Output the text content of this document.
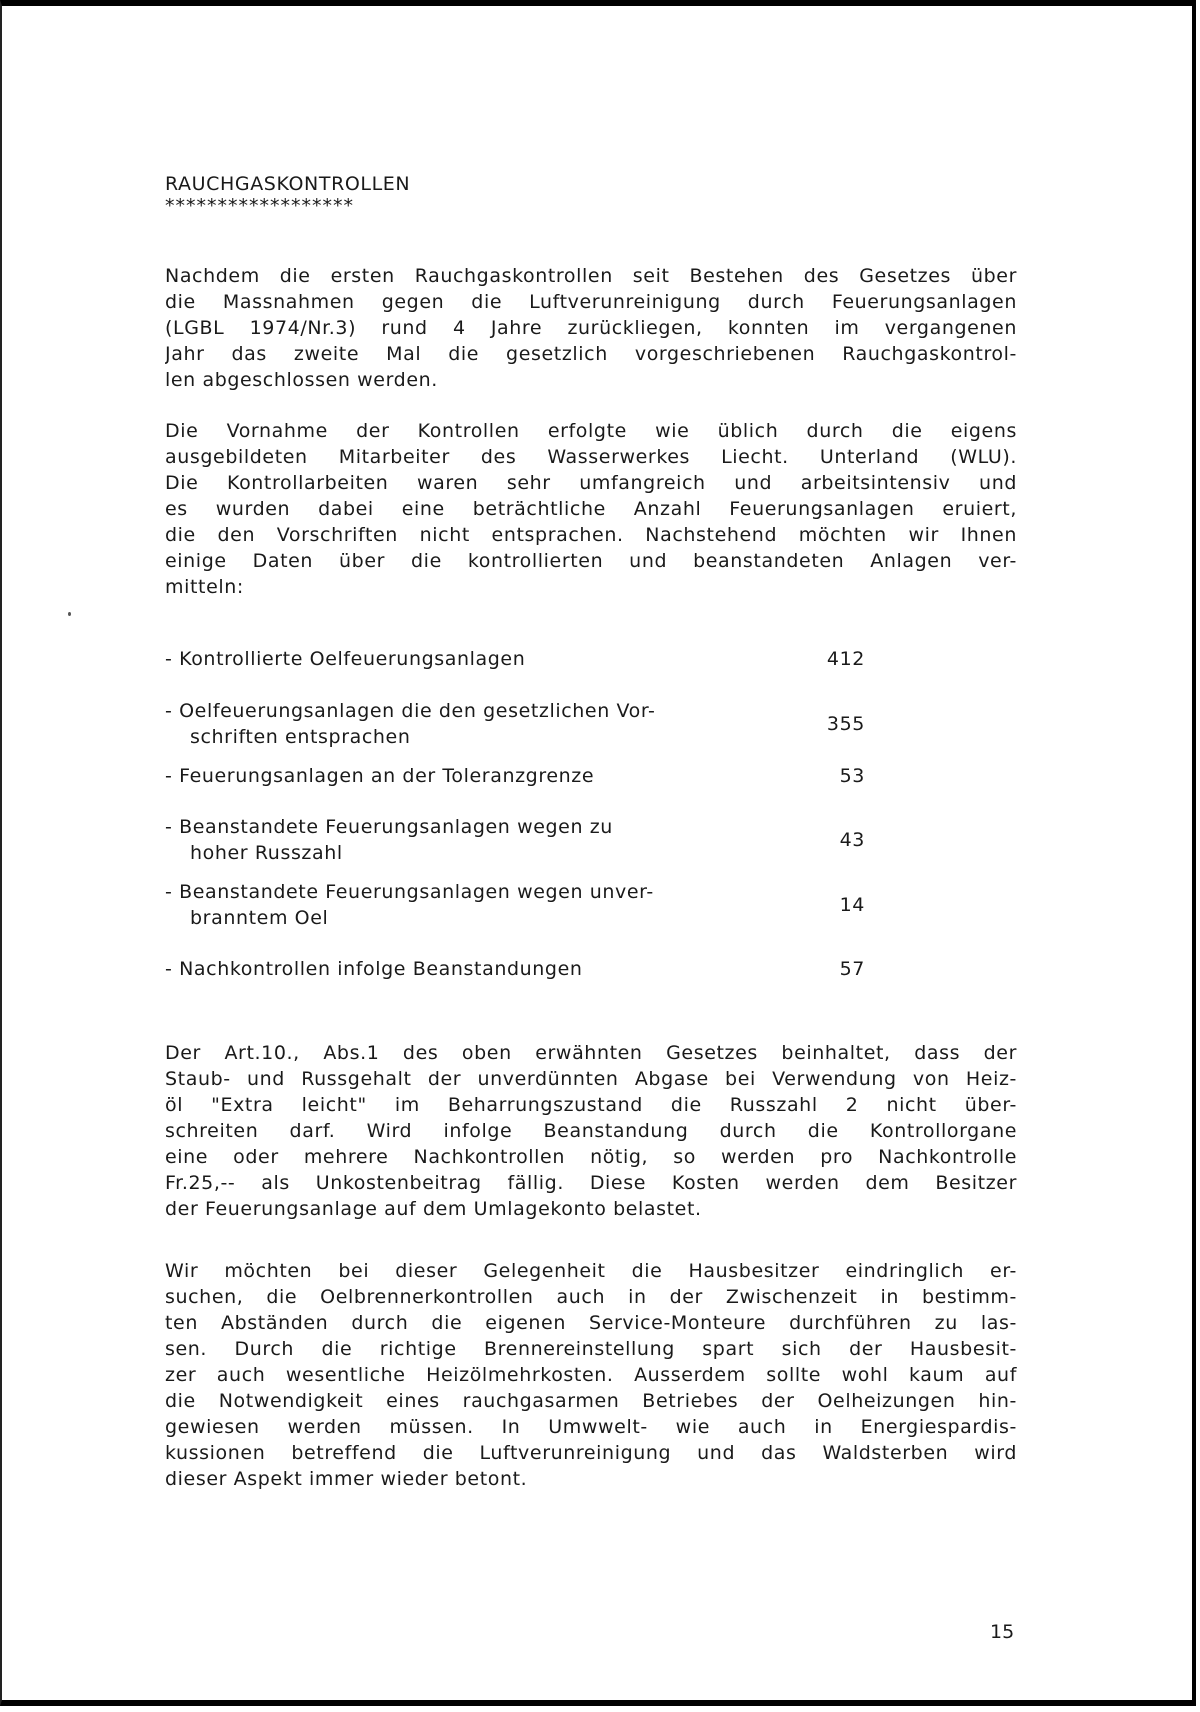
RAUCHGASKONTROLLEN
******************
Nachdem die ersten Rauchgaskontrollen seit Bestehen des Gesetzes über
die Massnahmen gegen die Luftverunreinigung durch Feuerungsanlagen
(LGBL 1974/Nr.3) rund 4 Jahre zurückliegen, konnten im vergangenen
Jahr das zweite Mal die gesetzlich vorgeschriebenen Rauchgaskontrol-
len abgeschlossen werden.
Die Vornahme der Kontrollen erfolgte wie üblich durch die eigens
ausgebildeten Mitarbeiter des Wasserwerkes Liecht. Unterland (WLU).
Die Kontrollarbeiten waren sehr umfangreich und arbeitsintensiv und
es wurden dabei eine beträchtliche Anzahl Feuerungsanlagen eruiert,
die den Vorschriften nicht entsprachen. Nachstehend möchten wir Ihnen
einige Daten über die kontrollierten und beanstandeten Anlagen ver-
mitteln:
- Kontrollierte Oelfeuerungsanlagen	412
- Oelfeuerungsanlagen die den gesetzlichen Vor-
schriften entsprachen
355
- Feuerungsanlagen an der Toleranzgrenze	53
- Beanstandete Feuerungsanlagen wegen zu
hoher Russzahl
43
- Beanstandete Feuerungsanlagen wegen unver-
branntem Oel
14
- Nachkontrollen infolge Beanstandungen	57
Der Art.10., Abs.1 des oben erwähnten Gesetzes beinhaltet, dass der
Staub- und Russgehalt der unverdünnten Abgase bei Verwendung von Heiz-
öl "Extra leicht" im Beharrungszustand die Russzahl 2 nicht über-
schreiten darf. Wird infolge Beanstandung durch die Kontrollorgane
eine oder mehrere Nachkontrollen nötig, so werden pro Nachkontrolle
Fr.25,-- als Unkostenbeitrag fällig. Diese Kosten werden dem Besitzer
der Feuerungsanlage auf dem Umlagekonto belastet.
Wir möchten bei dieser Gelegenheit die Hausbesitzer eindringlich er-
suchen, die Oelbrennerkontrollen auch in der Zwischenzeit in bestimm-
ten Abständen durch die eigenen Service-Monteure durchführen zu las-
sen. Durch die richtige Brennereinstellung spart sich der Hausbesit-
zer auch wesentliche Heizölmehrkosten. Ausserdem sollte wohl kaum auf
die Notwendigkeit eines rauchgasarmen Betriebes der Oelheizungen hin-
gewiesen werden müssen. In Umwwelt- wie auch in Energiespardis-
kussionen betreffend die Luftverunreinigung und das Waldsterben wird
dieser Aspekt immer wieder betont.
15
